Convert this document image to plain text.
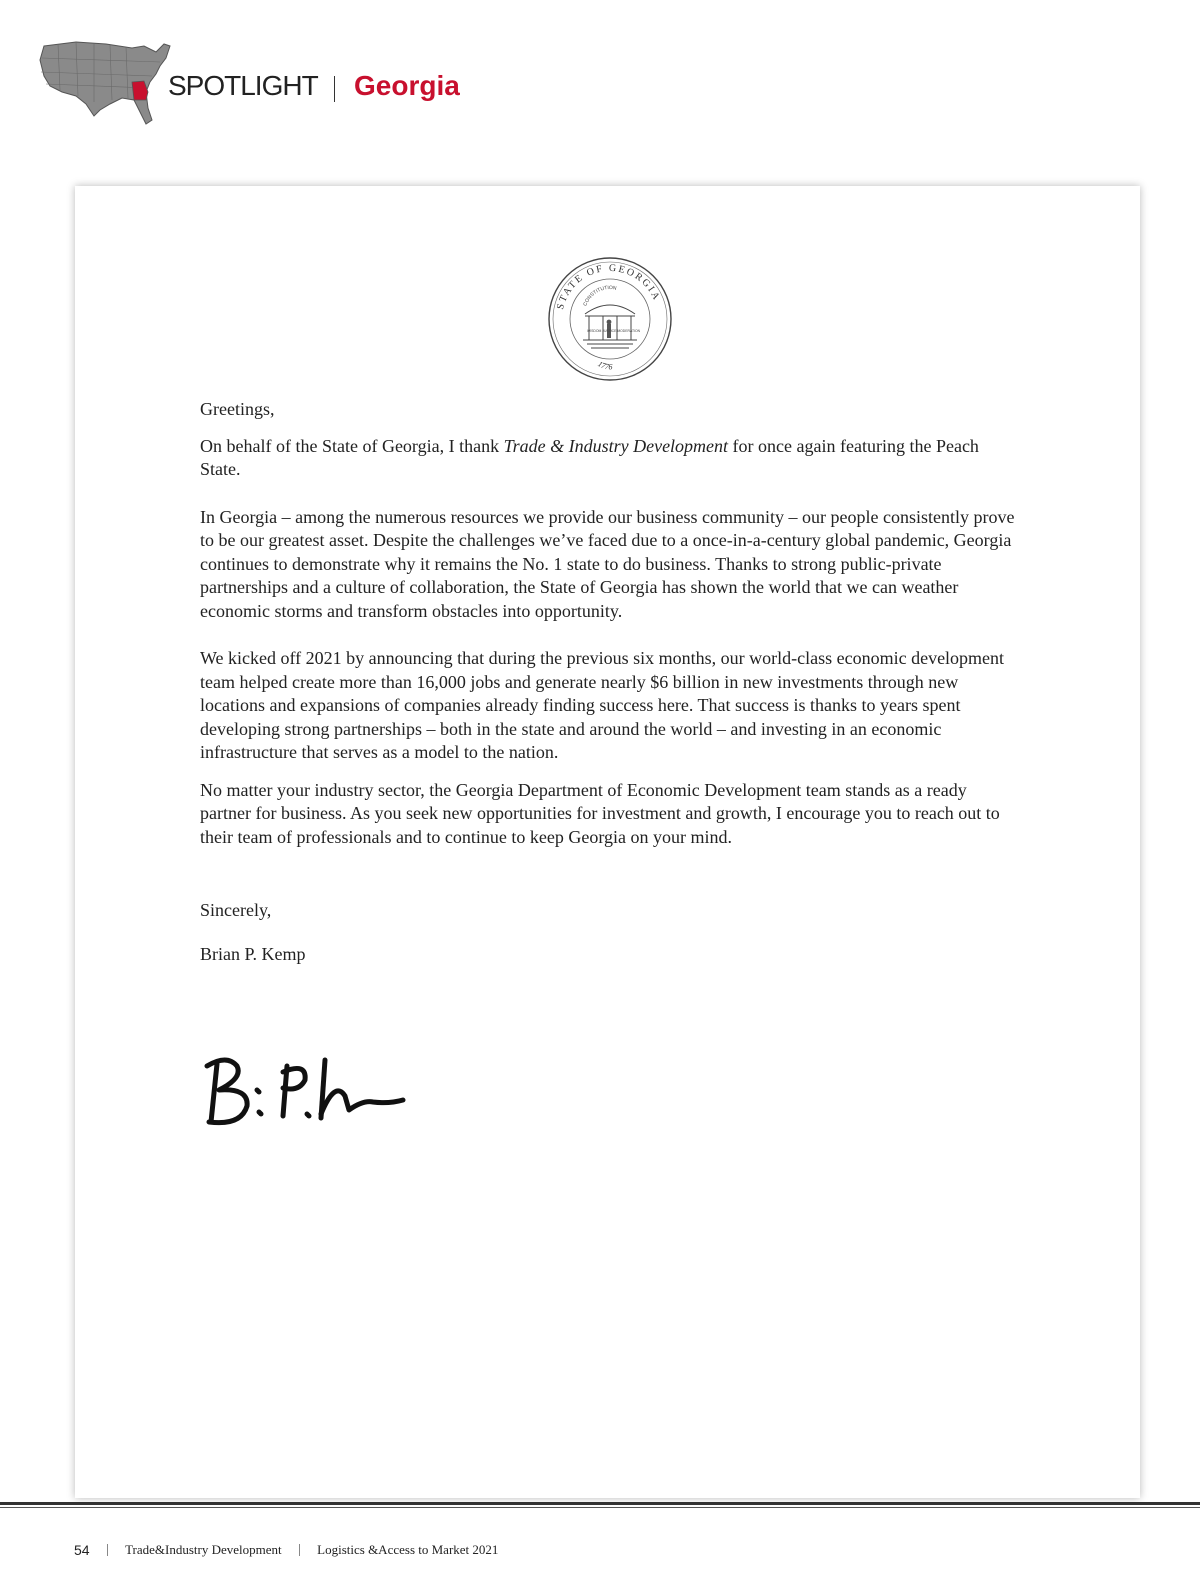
SPOTLIGHT Georgia
STATE OF GEORGIA
CONSTITUTION
WISDOM JUSTICE MODERATION
1776

Greetings,

On behalf of the State of Georgia, I thank Trade & Industry Development for once again featuring the Peach State.

In Georgia – among the numerous resources we provide our business community – our people consistently prove to be our greatest asset. Despite the challenges we’ve faced due to a once-in-a-century global pandemic, Georgia continues to demonstrate why it remains the No. 1 state to do business. Thanks to strong public-private partnerships and a culture of collaboration, the State of Georgia has shown the world that we can weather economic storms and transform obstacles into opportunity.

We kicked off 2021 by announcing that during the previous six months, our world-class economic development team helped create more than 16,000 jobs and generate nearly $6 billion in new investments through new locations and expansions of companies already finding success here. That success is thanks to years spent developing strong partnerships – both in the state and around the world – and investing in an economic infrastructure that serves as a model to the nation.

No matter your industry sector, the Georgia Department of Economic Development team stands as a ready partner for business. As you seek new opportunities for investment and growth, I encourage you to reach out to their team of professionals and to continue to keep Georgia on your mind.

Sincerely,

Brian P. Kemp

54	Trade&Industry Development	Logistics &Access to Market 2021
